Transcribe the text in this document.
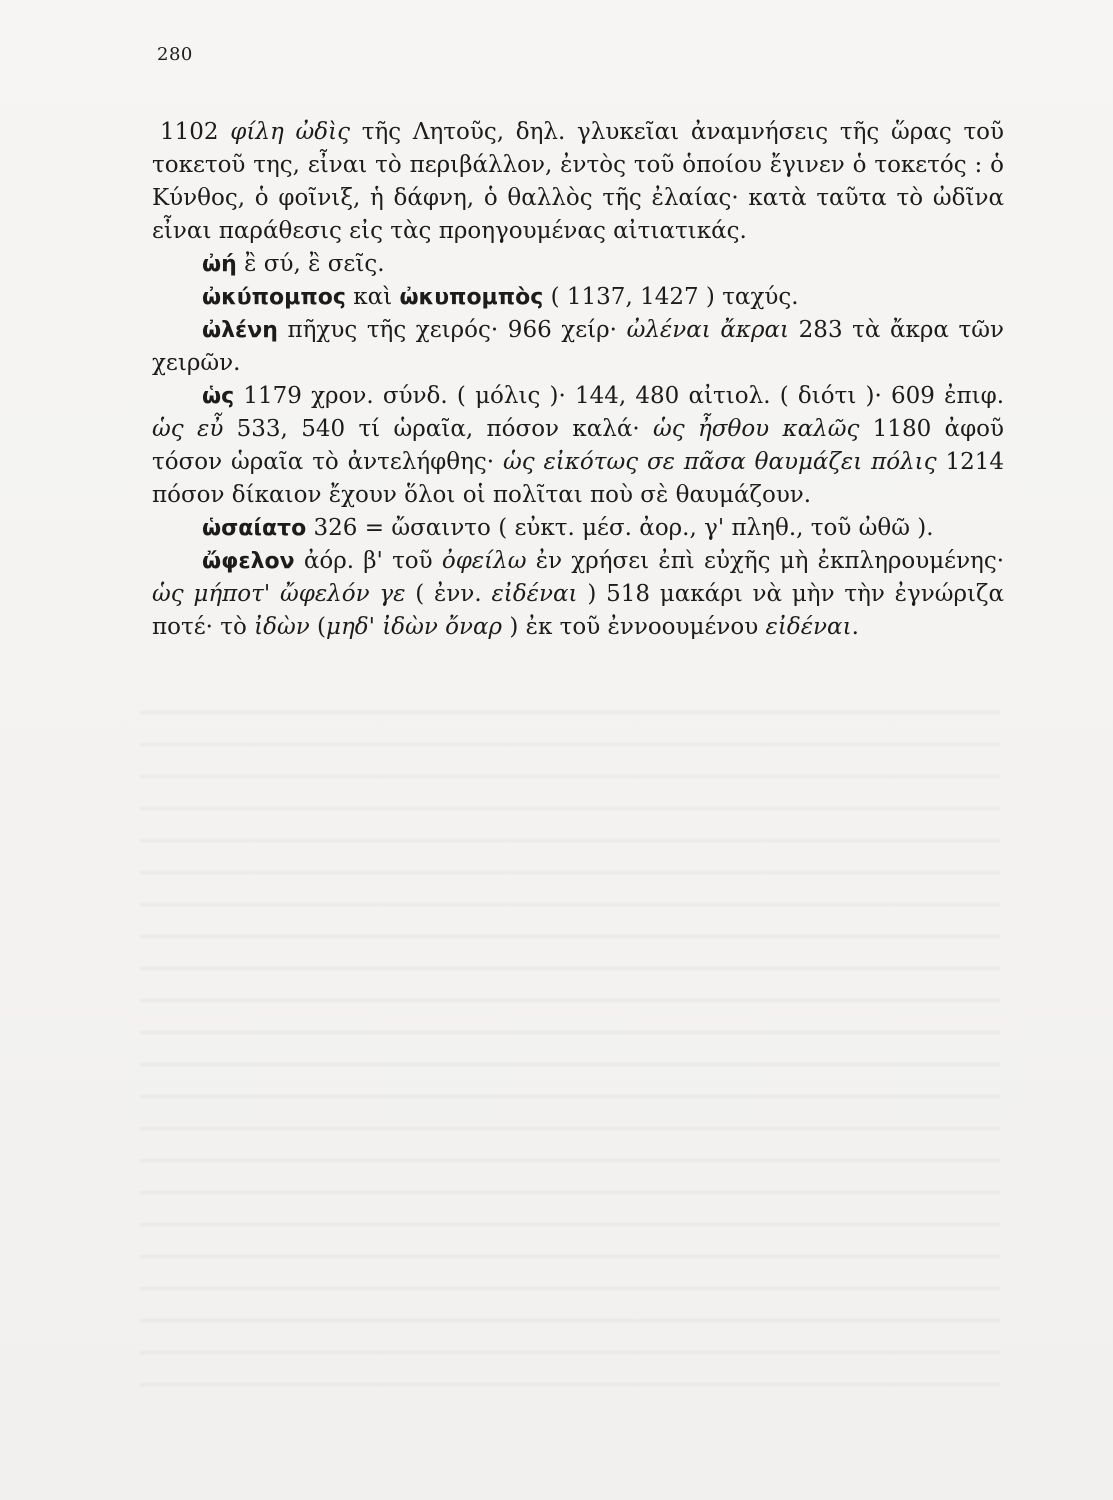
280

1102 φίλη ὠδὶς τῆς Λητοῦς, δηλ. γλυκεῖαι ἀναμνήσεις τῆς ὥρας τοῦ τοκετοῦ της, εἶναι τὸ περιβάλλον, ἐντὸς τοῦ ὁποίου ἔγινεν ὁ τοκετός : ὁ Κύνθος, ὁ φοῖνιξ, ἡ δάφνη, ὁ θαλλὸς τῆς ἐλαίας· κατὰ ταῦτα τὸ ὠδῖνα εἶναι παράθεσις εἰς τὰς προηγουμένας αἰτιατικάς.

ὠή ἒ σύ, ἒ σεῖς.

ὠκύπομπος καὶ ὠκυπομπὸς ( 1137, 1427 ) ταχύς.

ὠλένη πῆχυς τῆς χειρός· 966 χείρ· ὠλέναι ἄκραι 283 τὰ ἄκρα τῶν χειρῶν.

ὡς 1179 χρον. σύνδ. ( μόλις )· 144, 480 αἰτιολ. ( διότι )· 609 ἐπιφ. ὡς εὖ 533, 540 τί ὡραῖα, πόσον καλά· ὡς ἦσθου καλῶς 1180 ἀφοῦ τόσον ὡραῖα τὸ ἀντελήφθης· ὡς εἰκότως σε πᾶσα θαυμάζει πόλις 1214 πόσον δίκαιον ἔχουν ὅλοι οἱ πολῖται ποὺ σὲ θαυμάζουν.

ὡσαίατο 326 = ὤσαιντο ( εὐκτ. μέσ. ἀορ., γ' πληθ., τοῦ ὠθῶ ).

ὤφελον ἀόρ. β' τοῦ ὀφείλω ἐν χρήσει ἐπὶ εὐχῆς μὴ ἐκπληρουμένης· ὡς μήποτ' ὤφελόν γε ( ἐνν. εἰδέναι ) 518 μακάρι νὰ μὴν τὴν ἐγνώριζα ποτέ· τὸ ἰδὼν (μηδ' ἰδὼν ὄναρ ) ἐκ τοῦ ἐννοουμένου εἰδέναι.
